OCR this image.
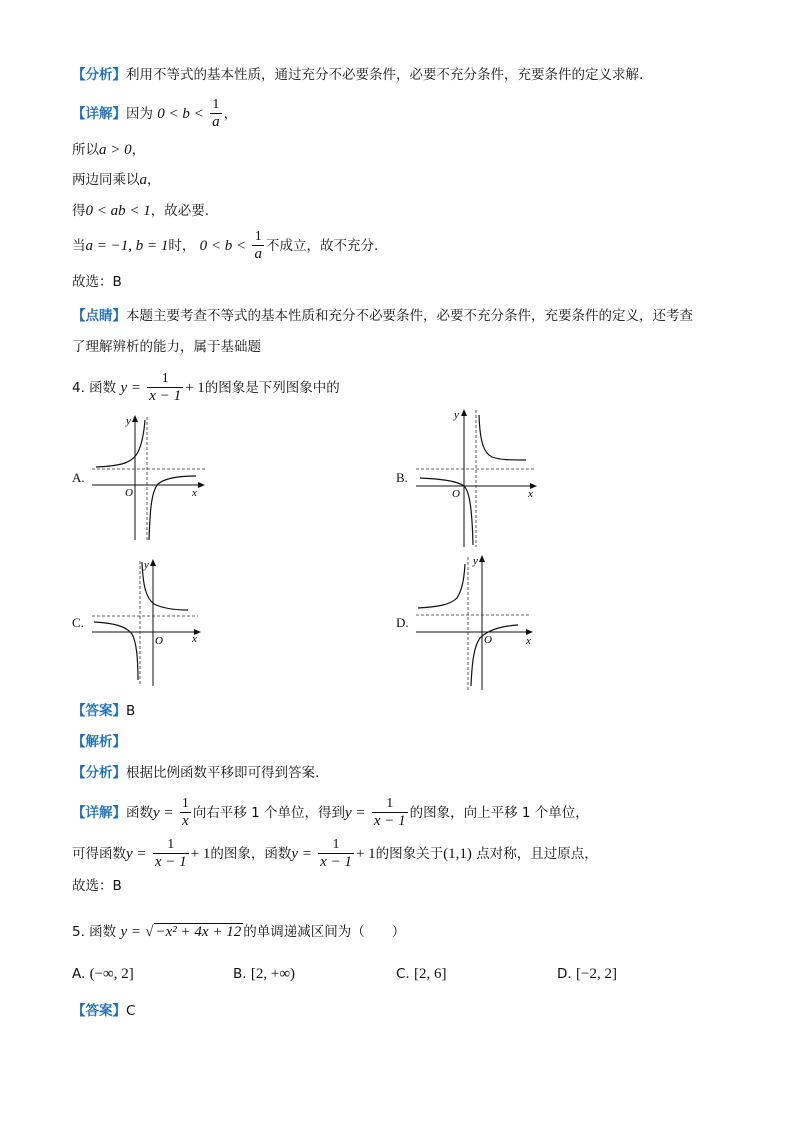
【分析】利用不等式的基本性质，通过充分不必要条件，必要不充分条件，充要条件的定义求解.
【详解】因为 $0 < b < \frac{1}{a}$ ，
所以a > 0，
两边同乘以a，
得0 < ab < 1，故必要.
当a = −1, b = 1时， $0 < b < \frac{1}{a}$ 不成立，故不充分.
故选：B
【点睛】本题主要考查不等式的基本性质和充分不必要条件，必要不充分条件，充要条件的定义，还考查
了理解辨析的能力，属于基础题
4. 函数 $y = \frac{1}{x - 1} + 1$的图象是下列图象中的
A.	B.
C.	D.
O	x
y
O	x
y
O	x
y
O	x
y
【答案】B
【解析】
【分析】根据比例函数平移即可得到答案.
【详解】函数$y = \frac{1}{x}$ 向右平移 1 个单位，得到$y = \frac{1}{x - 1}$ 的图象，向上平移 1 个单位，
可得函数$y = \frac{1}{x - 1} + 1$的图象，函数$y = \frac{1}{x - 1} + 1$的图象关于(1,1) 点对称，且过原点，
故选：B
5. 函数 y = √ −x² + 4x + 12 的单调递减区间为（　　）
A. (−∞, 2]	B. [2, +∞)	C. [2, 6]	D. [−2, 2]
【答案】C
